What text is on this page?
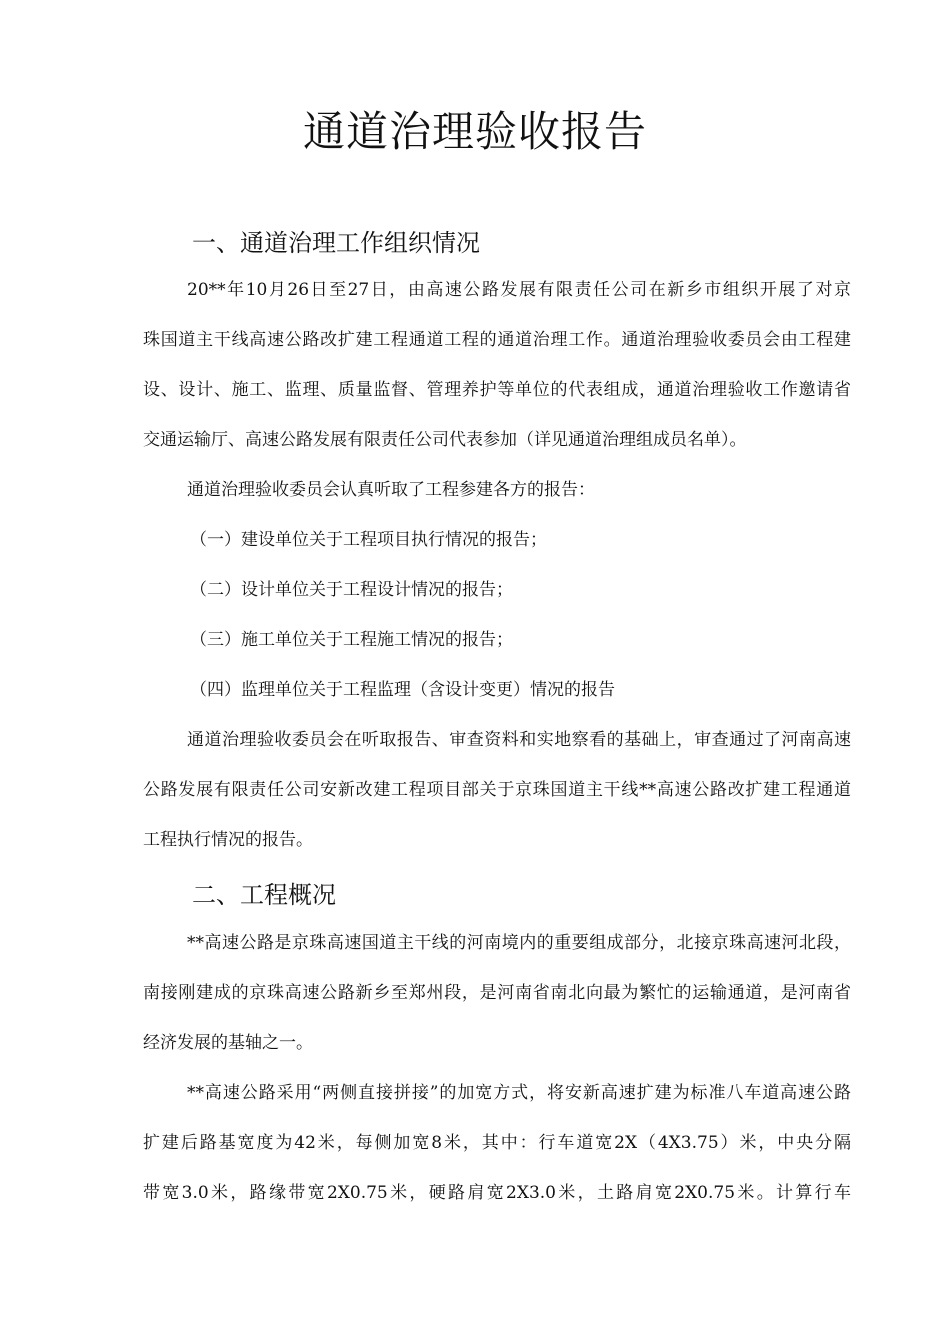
通道治理验收报告
一、通道治理工作组织情况

20**年10月26日至27日，由高速公路发展有限责任公司在新乡市组织开展了对京

珠国道主干线高速公路改扩建工程通道工程的通道治理工作。通道治理验收委员会由工程建

设、设计、施工、监理、质量监督、管理养护等单位的代表组成，通道治理验收工作邀请省

交通运输厅、高速公路发展有限责任公司代表参加（详见通道治理组成员名单）。

通道治理验收委员会认真听取了工程参建各方的报告：

（一）建设单位关于工程项目执行情况的报告；

（二）设计单位关于工程设计情况的报告；

（三）施工单位关于工程施工情况的报告；

（四）监理单位关于工程监理（含设计变更）情况的报告

通道治理验收委员会在听取报告、审查资料和实地察看的基础上，审查通过了河南高速

公路发展有限责任公司安新改建工程项目部关于京珠国道主干线**高速公路改扩建工程通道

工程执行情况的报告。

二、工程概况

**高速公路是京珠高速国道主干线的河南境内的重要组成部分，北接京珠高速河北段，

南接刚建成的京珠高速公路新乡至郑州段，是河南省南北向最为繁忙的运输通道，是河南省

经济发展的基轴之一。

**高速公路采用“两侧直接拼接”的加宽方式，将安新高速扩建为标准八车道高速公路

扩建后路基宽度为42米，每侧加宽8米，其中：行车道宽2X（4X3.75）米，中央分隔

带宽3.0米，路缘带宽2X0.75米，硬路肩宽2X3.0米，土路肩宽2X0.75米。计算行车
